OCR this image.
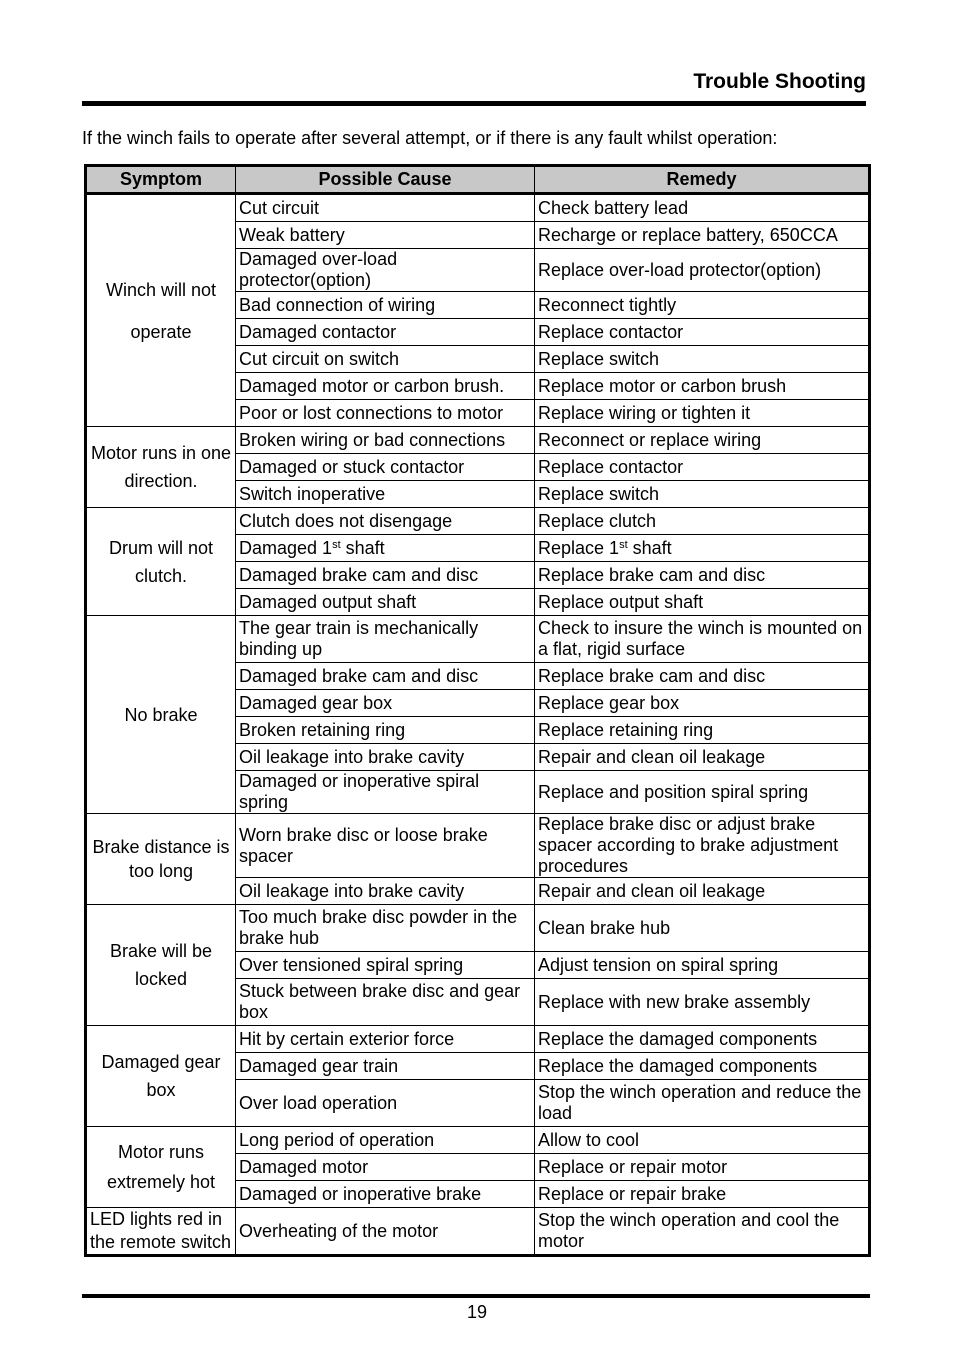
Trouble Shooting
If the winch fails to operate after several attempt, or if there is any fault whilst operation:
Symptom	Possible Cause	Remedy

Winch will not
operate	Cut circuit	Check battery lead
	Weak battery	Recharge or replace battery, 650CCA
	Damaged over-load protector(option)	Replace over-load protector(option)
	Bad connection of wiring	Reconnect tightly
	Damaged contactor	Replace contactor
	Cut circuit on switch	Replace switch
	Damaged motor or carbon brush.	Replace motor or carbon brush
	Poor or lost connections to motor	Replace wiring or tighten it

Motor runs in one
direction.	Broken wiring or bad connections	Reconnect or replace wiring
	Damaged or stuck contactor	Replace contactor
	Switch inoperative	Replace switch

Drum will not
clutch.	Clutch does not disengage	Replace clutch
	Damaged 1st shaft	Replace 1st shaft
	Damaged brake cam and disc	Replace brake cam and disc
	Damaged output shaft	Replace output shaft
No brake	The gear train is mechanically binding up	Check to insure the winch is mounted on a flat, rigid surface
	Damaged brake cam and disc	Replace brake cam and disc
	Damaged gear box	Replace gear box
	Broken retaining ring	Replace retaining ring
	Oil leakage into brake cavity	Repair and clean oil leakage
	Damaged or inoperative spiral spring	Replace and position spiral spring

Brake distance is
too long	Worn brake disc or loose brake spacer	Replace brake disc or adjust brake spacer according to brake adjustment procedures
	Oil leakage into brake cavity	Repair and clean oil leakage

Brake will be
locked	Too much brake disc powder in the brake hub	Clean brake hub
	Over tensioned spiral spring	Adjust tension on spiral spring
	Stuck between brake disc and gear box	Replace with new brake assembly

Damaged gear
box	Hit by certain exterior force	Replace the damaged components
	Damaged gear train	Replace the damaged components
	Over load operation	Stop the winch operation and reduce the load

Motor runs
extremely hot	Long period of operation	Allow to cool
	Damaged motor	Replace or repair motor
	Damaged or inoperative brake	Replace or repair brake

LED lights red in
the remote switch	Overheating of the motor	Stop the winch operation and cool the motor
19
